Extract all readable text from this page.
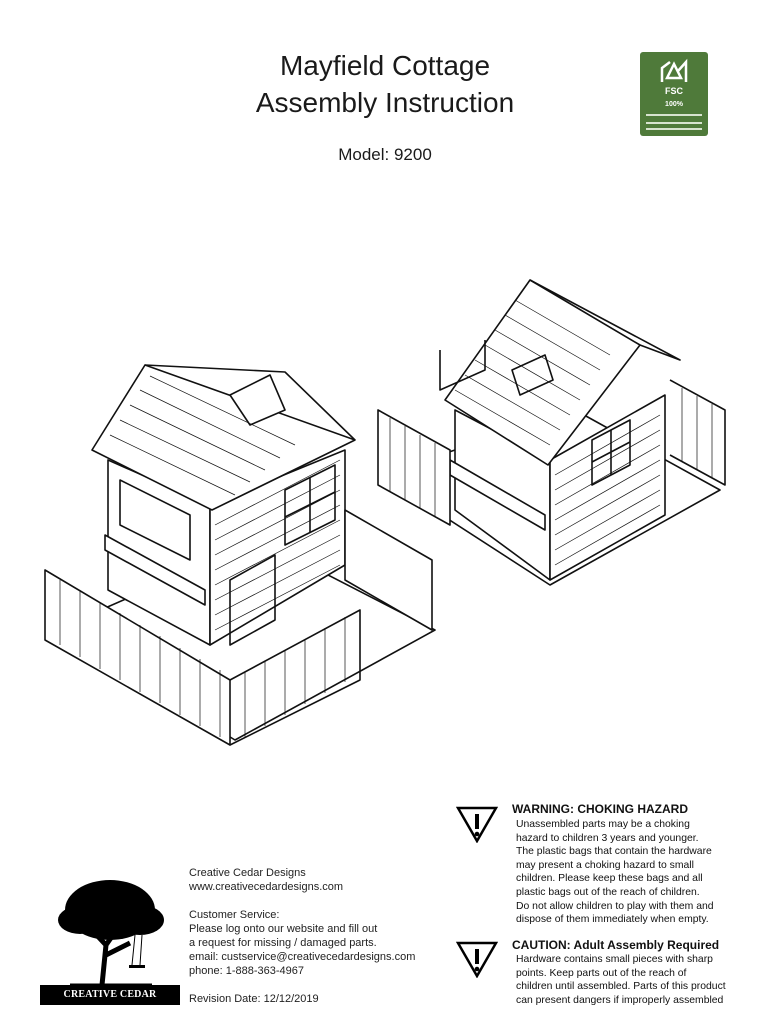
Mayfield Cottage
Assembly Instruction
Model: 9200
FSC
100%
Creative Cedar Designs
www.creativecedardesigns.com
Customer Service:
Please log onto our website and fill out
a request for missing / damaged parts.
email: custservice@creativecedardesigns.com
phone: 1-888-363-4967
Revision Date: 12/12/2019
CREATIVE CEDAR DESIGNS
WARNING: CHOKING HAZARD
Unassembled parts may be a choking
hazard to children 3 years and younger.
The plastic bags that contain the hardware
may present a choking hazard to small
children. Please keep these bags and all
plastic bags out of the reach of children.
Do not allow children to play with them and
dispose of them immediately when empty.
CAUTION: Adult Assembly Required
Hardware contains small pieces with sharp
points. Keep parts out of the reach of
children until assembled. Parts of this product
can present dangers if improperly assembled
